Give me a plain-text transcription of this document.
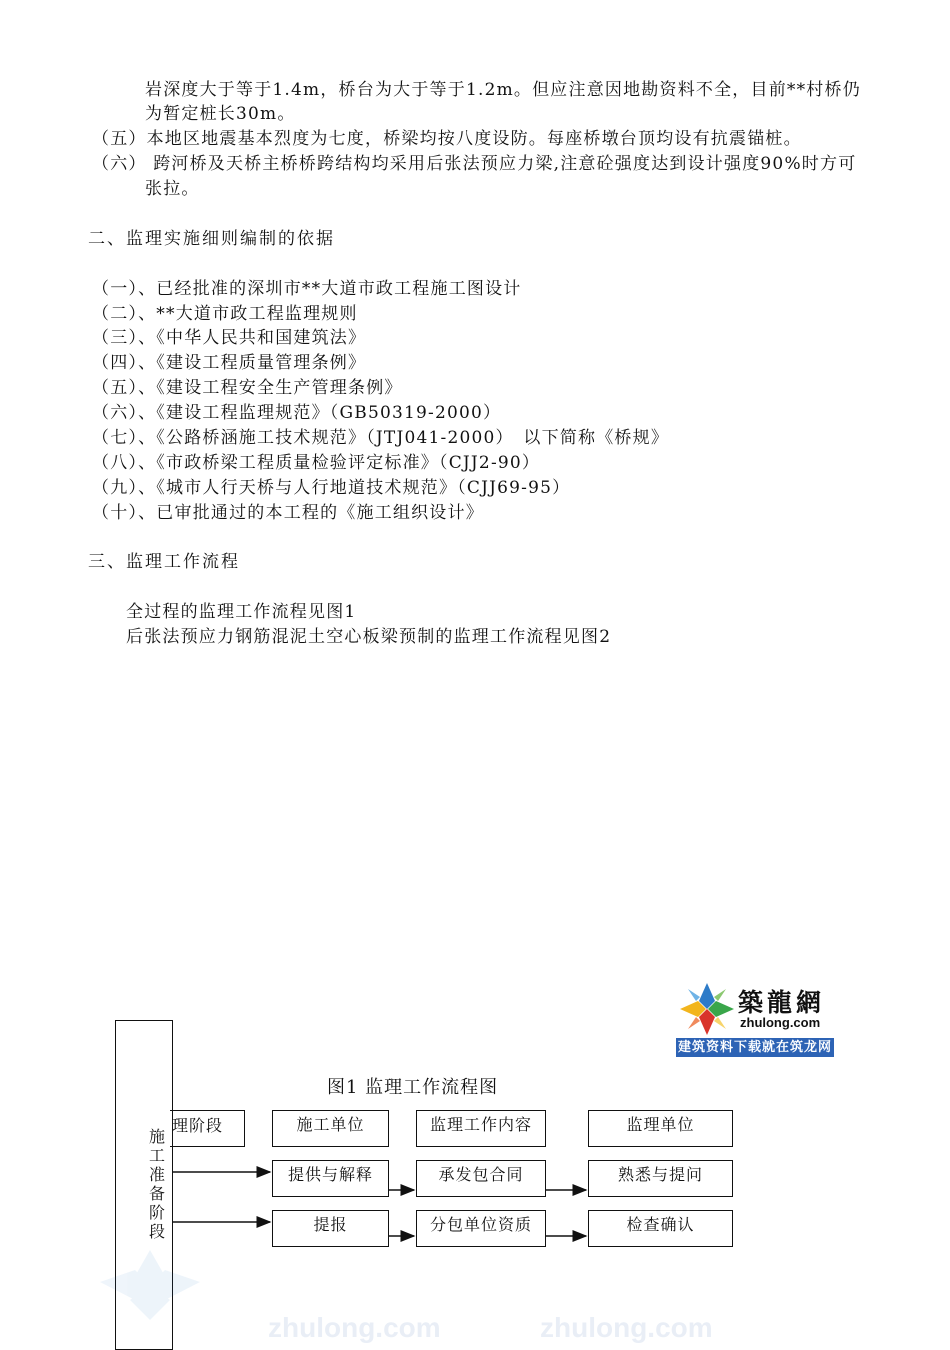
岩深度大于等于1.4m，桥台为大于等于1.2m。但应注意因地勘资料不全，目前**村桥仍
为暂定桩长30m。
（五）本地区地震基本烈度为七度，桥梁均按八度设防。每座桥墩台顶均设有抗震锚桩。
（六） 跨河桥及天桥主桥桥跨结构均采用后张法预应力梁,注意砼强度达到设计强度90%时方可
张拉。
二、监理实施细则编制的依据
（一）、已经批准的深圳市**大道市政工程施工图设计
（二）、**大道市政工程监理规则
（三）、《中华人民共和国建筑法》
（四）、《建设工程质量管理条例》
（五）、《建设工程安全生产管理条例》
（六）、《建设工程监理规范》（GB50319-2000）
（七）、《公路桥涵施工技术规范》（JTJ041-2000）　以下简称《桥规》
（八）、《市政桥梁工程质量检验评定标准》（CJJ2-90）
（九）、《城市人行天桥与人行地道技术规范》（CJJ69-95）
（十）、已审批通过的本工程的《施工组织设计》
三、监理工作流程
全过程的监理工作流程见图1
后张法预应力钢筋混泥土空心板梁预制的监理工作流程见图2
築龍網
zhulong.com
建筑资料下载就在筑龙网
图1 监理工作流程图
理阶段
施
工
准
备
阶
段
施工单位	监理工作内容	监理单位
提供与解释	承发包合同	熟悉与提问
提报	分包单位资质	检查确认
zhulong.com	zhulong.com
